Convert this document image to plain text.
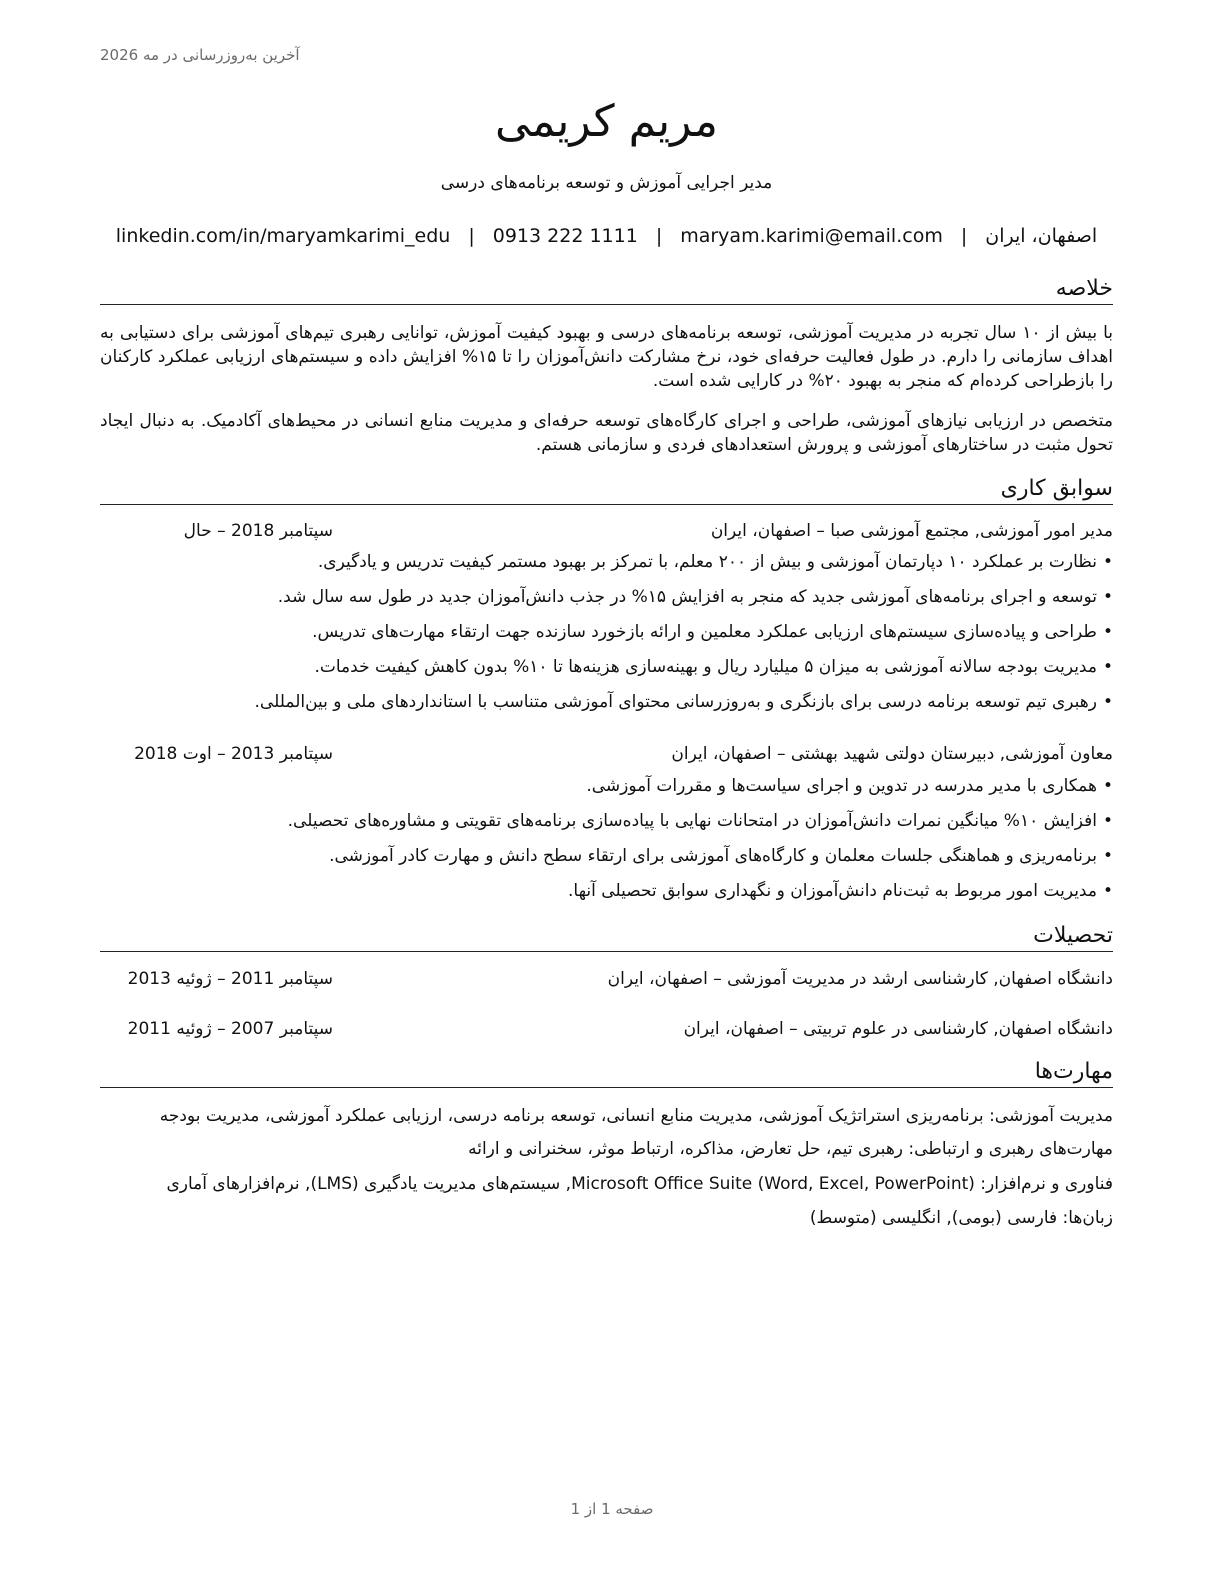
آخرین به‌روزرسانی در مه 2026
مریم کریمی
مدیر اجرایی آموزش و توسعه برنامه‌های درسی
اصفهان، ایران|maryam.karimi@email.com|0913 222 1111|linkedin.com/in/maryamkarimi_edu
خلاصه
با بیش از ۱۰ سال تجربه در مدیریت آموزشی، توسعه برنامه‌های درسی و بهبود کیفیت آموزش، توانایی رهبری تیم‌های آموزشی برای دستیابی به اهداف سازمانی را دارم. در طول فعالیت حرفه‌ای خود، نرخ مشارکت دانش‌آموزان را تا ۱۵% افزایش داده و سیستم‌های ارزیابی عملکرد کارکنان را بازطراحی کرده‌ام که منجر به بهبود ۲۰% در کارایی شده است.
متخصص در ارزیابی نیازهای آموزشی، طراحی و اجرای کارگاه‌های توسعه حرفه‌ای و مدیریت منابع انسانی در محیط‌های آکادمیک. به دنبال ایجاد تحول مثبت در ساختارهای آموزشی و پرورش استعدادهای فردی و سازمانی هستم.
سوابق کاری
مدیر امور آموزشی, مجتمع آموزشی صبا – اصفهان، ایران
سپتامبر 2018 – حال
•نظارت بر عملکرد ۱۰ دپارتمان آموزشی و بیش از ۲۰۰ معلم، با تمرکز بر بهبود مستمر کیفیت تدریس و یادگیری.
•توسعه و اجرای برنامه‌های آموزشی جدید که منجر به افزایش ۱۵% در جذب دانش‌آموزان جدید در طول سه سال شد.
•طراحی و پیاده‌سازی سیستم‌های ارزیابی عملکرد معلمین و ارائه بازخورد سازنده جهت ارتقاء مهارت‌های تدریس.
•مدیریت بودجه سالانه آموزشی به میزان ۵ میلیارد ریال و بهینه‌سازی هزینه‌ها تا ۱۰% بدون کاهش کیفیت خدمات.
•رهبری تیم توسعه برنامه درسی برای بازنگری و به‌روزرسانی محتوای آموزشی متناسب با استانداردهای ملی و بین‌المللی.
معاون آموزشی, دبیرستان دولتی شهید بهشتی – اصفهان، ایران
سپتامبر 2013 – اوت 2018
•همکاری با مدیر مدرسه در تدوین و اجرای سیاست‌ها و مقررات آموزشی.
•افزایش ۱۰% میانگین نمرات دانش‌آموزان در امتحانات نهایی با پیاده‌سازی برنامه‌های تقویتی و مشاوره‌های تحصیلی.
•برنامه‌ریزی و هماهنگی جلسات معلمان و کارگاه‌های آموزشی برای ارتقاء سطح دانش و مهارت کادر آموزشی.
•مدیریت امور مربوط به ثبت‌نام دانش‌آموزان و نگهداری سوابق تحصیلی آنها.
تحصیلات
دانشگاه اصفهان, کارشناسی ارشد در مدیریت آموزشی – اصفهان، ایران
سپتامبر 2011 – ژوئیه 2013
دانشگاه اصفهان, کارشناسی در علوم تربیتی – اصفهان، ایران
سپتامبر 2007 – ژوئیه 2011
مهارت‌ها
مدیریت آموزشی: برنامه‌ریزی استراتژیک آموزشی، مدیریت منابع انسانی، توسعه برنامه درسی، ارزیابی عملکرد آموزشی، مدیریت بودجه
مهارت‌های رهبری و ارتباطی: رهبری تیم، حل تعارض، مذاکره، ارتباط موثر، سخنرانی و ارائه
فناوری و نرم‌افزار: Microsoft Office Suite (Word, Excel, PowerPoint), سیستم‌های مدیریت یادگیری (LMS), نرم‌افزارهای آماری
زبان‌ها: فارسی (بومی), انگلیسی (متوسط)
صفحه 1 از 1
